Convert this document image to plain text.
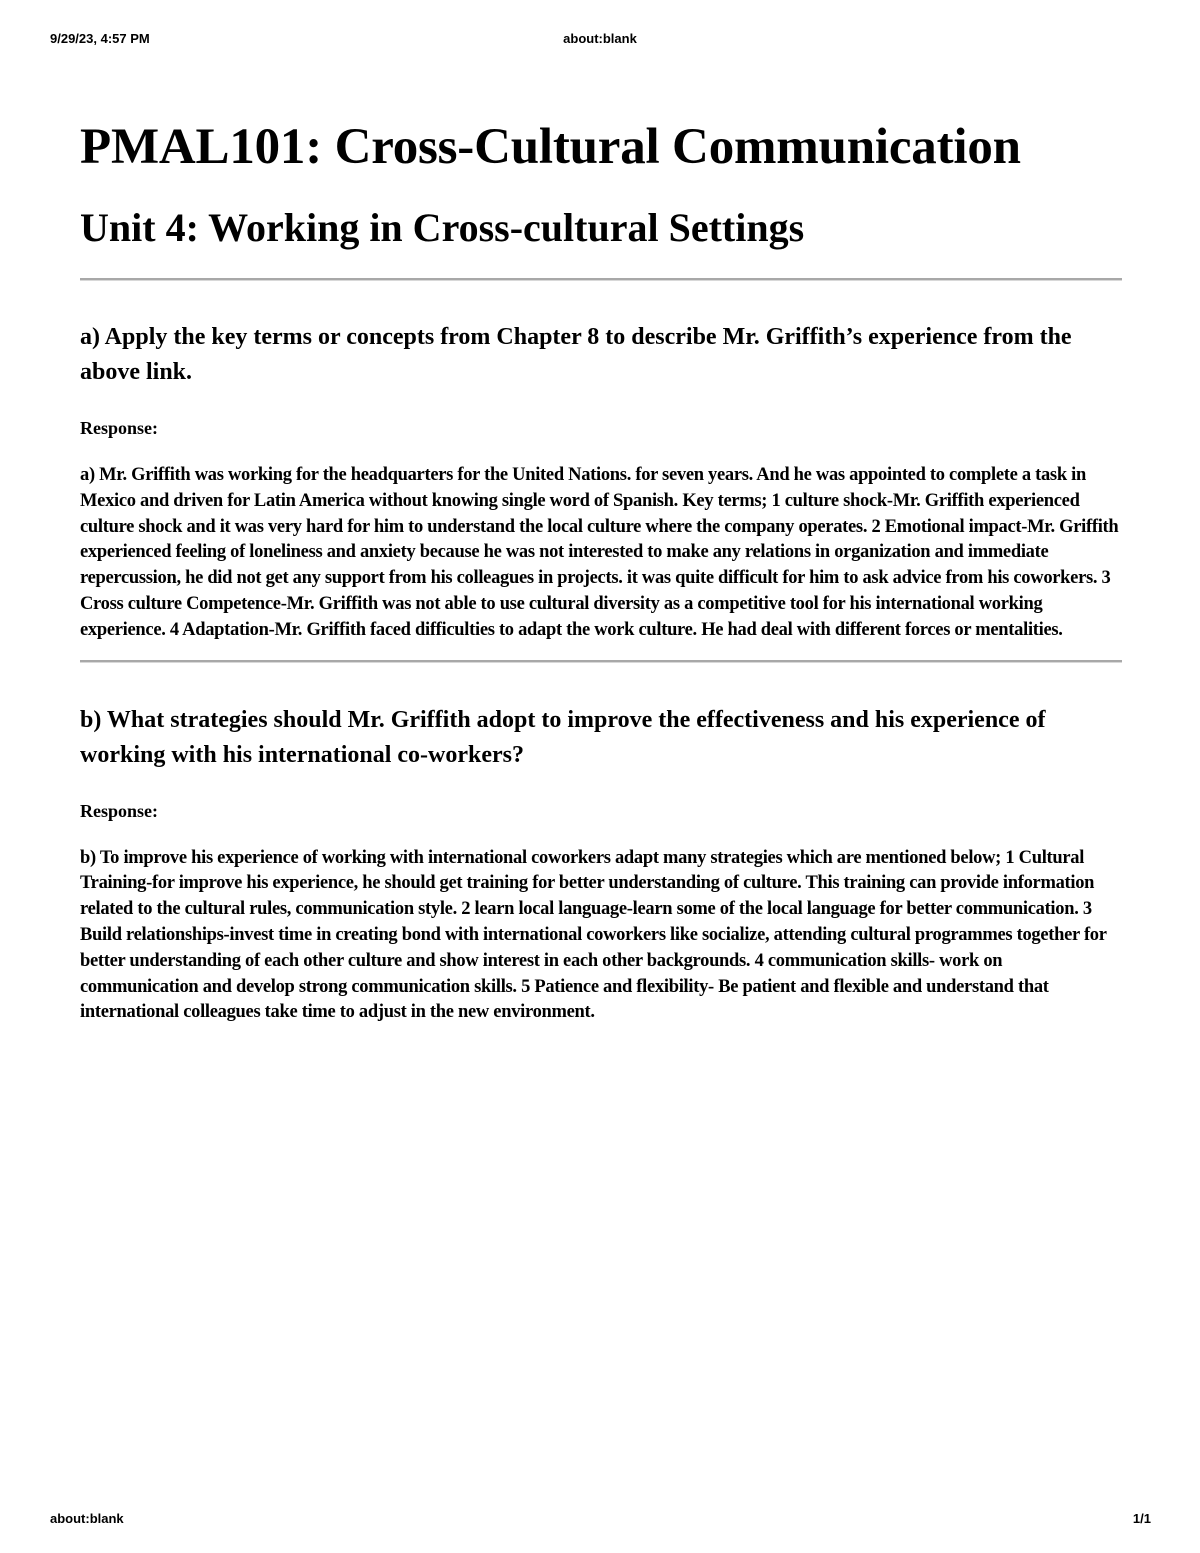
9/29/23, 4:57 PM	about:blank
PMAL101: Cross-Cultural Communication
Unit 4: Working in Cross-cultural Settings
a) Apply the key terms or concepts from Chapter 8 to describe Mr. Griffith’s experience from the above link.

Response:

a) Mr. Griffith was working for the headquarters for the United Nations. for seven years. And he was appointed to complete a task in Mexico and driven for Latin America without knowing single word of Spanish. Key terms; 1 culture shock-Mr. Griffith experienced culture shock and it was very hard for him to understand the local culture where the company operates. 2 Emotional impact-Mr. Griffith experienced feeling of loneliness and anxiety because he was not interested to make any relations in organization and immediate repercussion, he did not get any support from his colleagues in projects. it was quite difficult for him to ask advice from his coworkers. 3 Cross culture Competence-Mr. Griffith was not able to use cultural diversity as a competitive tool for his international working experience. 4 Adaptation-Mr. Griffith faced difficulties to adapt the work culture. He had deal with different forces or mentalities.

b) What strategies should Mr. Griffith adopt to improve the effectiveness and his experience of working with his international co-workers?

Response:

b) To improve his experience of working with international coworkers adapt many strategies which are mentioned below; 1 Cultural Training-for improve his experience, he should get training for better understanding of culture. This training can provide information related to the cultural rules, communication style. 2 learn local language-learn some of the local language for better communication. 3 Build relationships-invest time in creating bond with international coworkers like socialize, attending cultural programmes together for better understanding of each other culture and show interest in each other backgrounds. 4 communication skills- work on communication and develop strong communication skills. 5 Patience and flexibility- Be patient and flexible and understand that international colleagues take time to adjust in the new environment.

about:blank	1/1
